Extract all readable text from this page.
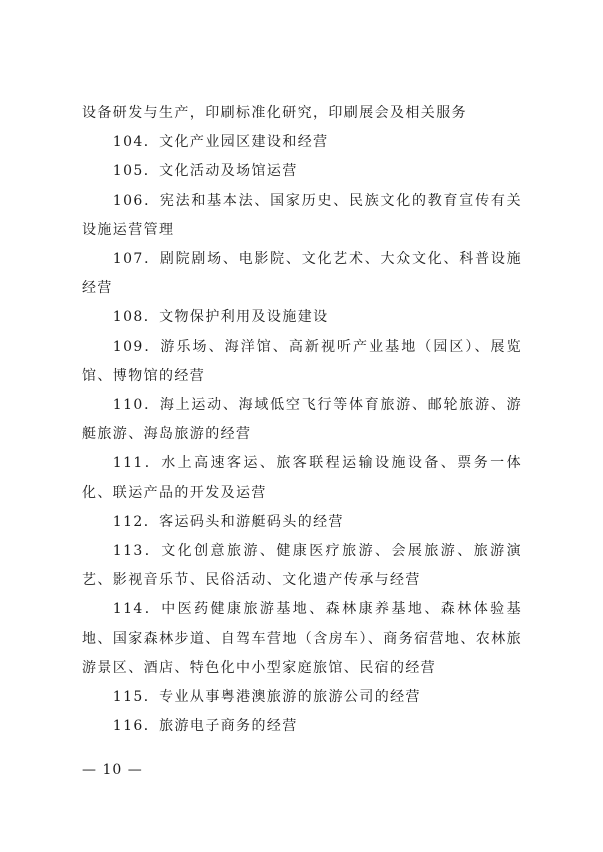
设备研发与生产，印刷标准化研究，印刷展会及相关服务

104．文化产业园区建设和经营

105．文化活动及场馆运营

106．宪法和基本法、国家历史、民族文化的教育宣传有关设施运营管理

107．剧院剧场、电影院、文化艺术、大众文化、科普设施经营

108．文物保护利用及设施建设

109．游乐场、海洋馆、高新视听产业基地（园区）、展览馆、博物馆的经营

110．海上运动、海域低空飞行等体育旅游、邮轮旅游、游艇旅游、海岛旅游的经营

111．水上高速客运、旅客联程运输设施设备、票务一体化、联运产品的开发及运营

112．客运码头和游艇码头的经营

113．文化创意旅游、健康医疗旅游、会展旅游、旅游演艺、影视音乐节、民俗活动、文化遗产传承与经营

114．中医药健康旅游基地、森林康养基地、森林体验基地、国家森林步道、自驾车营地（含房车）、商务宿营地、农林旅游景区、酒店、特色化中小型家庭旅馆、民宿的经营

115．专业从事粤港澳旅游的旅游公司的经营

116．旅游电子商务的经营

— 10 —
